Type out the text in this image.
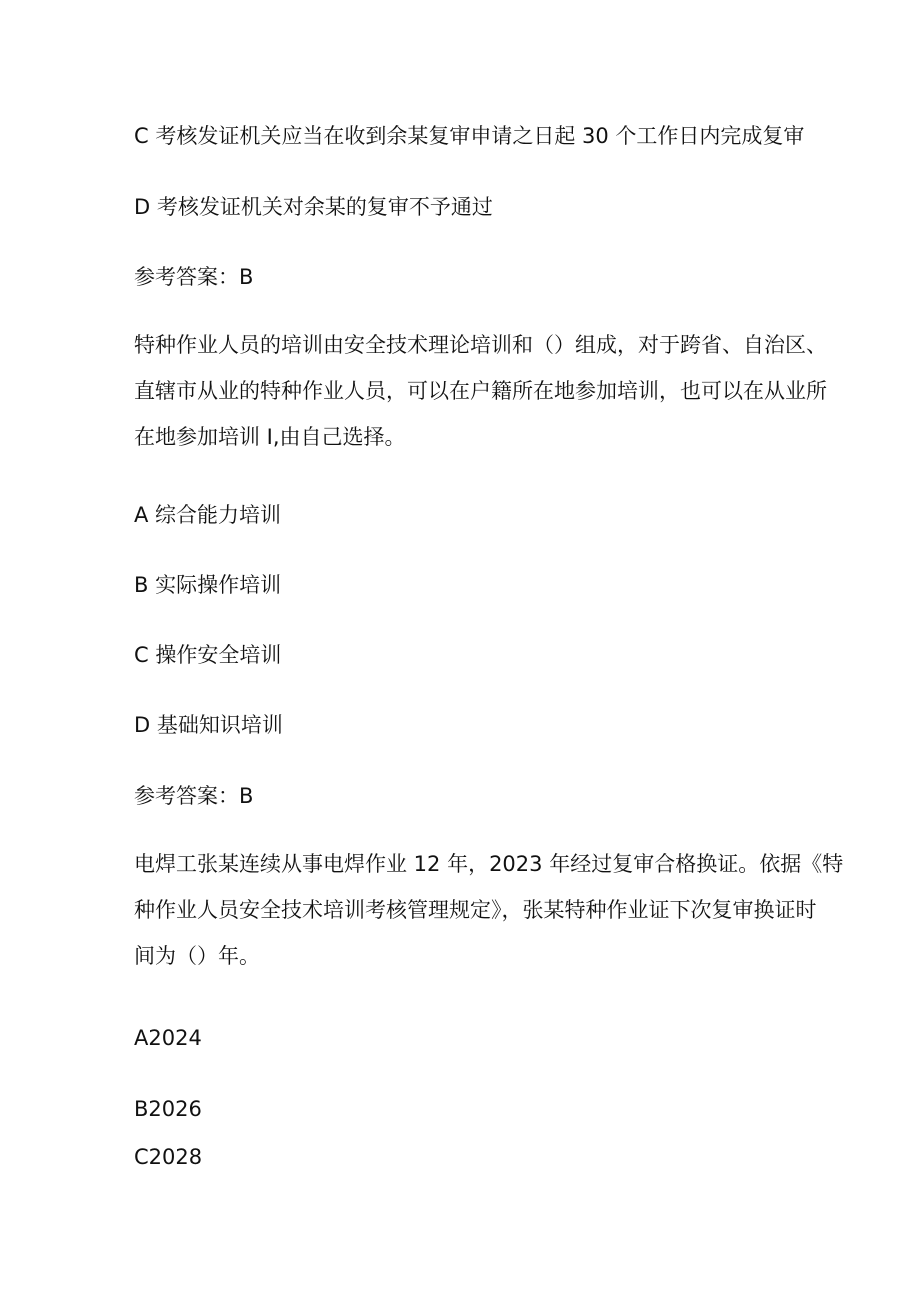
C 考核发证机关应当在收到余某复审申请之日起 30 个工作日内完成复审

D 考核发证机关对余某的复审不予通过

参考答案：B

特种作业人员的培训由安全技术理论培训和（）组成，对于跨省、自治区、
直辖市从业的特种作业人员，可以在户籍所在地参加培训，也可以在从业所
在地参加培训 I,由自己选择。

A 综合能力培训

B 实际操作培训

C 操作安全培训

D 基础知识培训

参考答案：B

电焊工张某连续从事电焊作业 12 年，2023 年经过复审合格换证。依据《特
种作业人员安全技术培训考核管理规定》，张某特种作业证下次复审换证时
间为（）年。

A2024

B2026

C2028
